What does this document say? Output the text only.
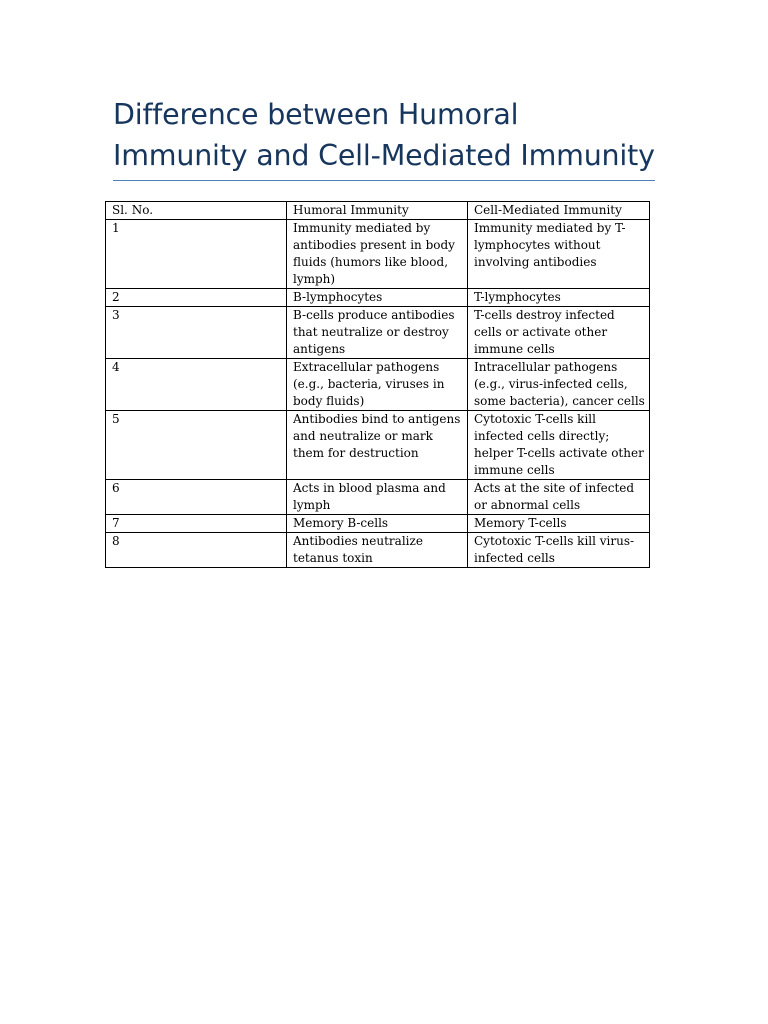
Difference between Humoral Immunity and Cell-Mediated Immunity
Sl. No.	Humoral Immunity	Cell-Mediated Immunity
1	Immunity mediated by antibodies present in body fluids (humors like blood, lymph)	Immunity mediated by T-lymphocytes without involving antibodies
2	B-lymphocytes	T-lymphocytes
3	B-cells produce antibodies that neutralize or destroy antigens	T-cells destroy infected cells or activate other immune cells
4	Extracellular pathogens (e.g., bacteria, viruses in body fluids)	Intracellular pathogens (e.g., virus-infected cells, some bacteria), cancer cells
5	Antibodies bind to antigens and neutralize or mark them for destruction	Cytotoxic T-cells kill infected cells directly; helper T-cells activate other immune cells
6	Acts in blood plasma and lymph	Acts at the site of infected or abnormal cells
7	Memory B-cells	Memory T-cells
8	Antibodies neutralize tetanus toxin	Cytotoxic T-cells kill virus-infected cells
